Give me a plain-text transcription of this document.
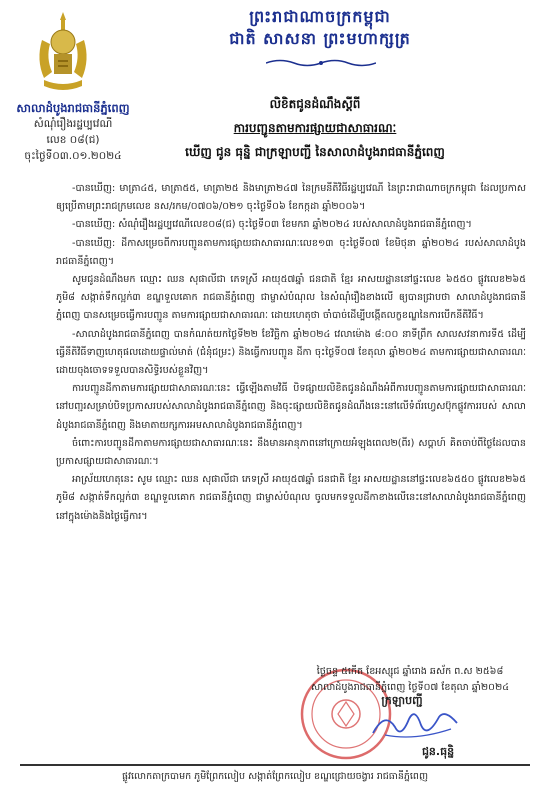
ព្រះរាជាណាចក្រកម្ពុជា
ជាតិ សាសនា ព្រះមហាក្សត្រ
សាលាដំបូងរាជធានីភ្នំពេញ
សំណុំរឿងរដ្ឋប្បវេណី
លេខ ០៨(ជ)
ចុះថ្ងៃទី០៣.០១.២០២៤
លិខិតជូនដំណឹងស្ដីពី
ការបញ្ជូនតាមការផ្សាយជាសាធារណៈ
ឃើញ ជូន ធុន្និ ជាក្រឡាបញ្ជី នៃសាលាដំបូងរាជធានីភ្នំពេញ

-បានឃើញ: មាត្រា៤៥, មាត្រា៥៥, មាត្រា២៥ និងមាត្រា២៤៧ នៃក្រមនីតិវិធីរដ្ឋប្បវេណី នៃព្រះរាជាណាចក្រកម្ពុជា ដែលប្រកាសឲ្យប្រើតាមព្រះរាជក្រមលេខ នស/រកម/០៧០៦/០២១ ចុះថ្ងៃទី០៦ ខែកក្កដា ឆ្នាំ២០០៦។

-បានឃើញ: សំណុំរឿងរដ្ឋប្បវេណីលេខ០៨(ជ) ចុះថ្ងៃទី០៣ ខែមករា ឆ្នាំ២០២៤ របស់សាលាដំបូងរាជធានីភ្នំពេញ។

-បានឃើញ: ដីកាសម្រេចពីការបញ្ជូនតាមការផ្សាយជាសាធារណៈលេខ១៣ ចុះថ្ងៃទី០៧ ខែមិថុនា ឆ្នាំ២០២៤ របស់សាលាដំបូងរាជធានីភ្នំពេញ។

សូមជូនដំណឹងមក ឈ្មោះ ឈន សុផាលីជា ភេទស្រី អាយុ៥៧ឆ្នាំ ជនជាតិ ខ្មែរ អាសយដ្ឋាននៅផ្ទះលេខ ៦៥៥០ ផ្លូវលេខ២៦៥ ភូមិ៨ សង្កាត់ទឹកល្អក់៣ ខណ្ឌទួលគោក រាជធានីភ្នំពេញ ជាម្ចាស់បំណុល នៃសំណុំរឿងខាងលើ ឲ្យបានជ្រាបថា សាលាដំបូងរាជធានីភ្នំពេញ បានសម្រេចធ្វើការបញ្ជូន តាមការផ្សាយជាសាធារណៈ ដោយហេតុថា ចាំបាច់ដើម្បីបង្កើតលក្ខខណ្ឌនៃការបើកនីតិវិធី។

-សាលាដំបូងរាជធានីភ្នំពេញ បានកំណត់យកថ្ងៃទី២២ ខែវិច្ឆិកា ឆ្នាំ២០២៤ វេលាម៉ោង ៨:០០ នាទីព្រឹក សាលសវនាការទី៥ ដើម្បីធ្វើនីតិវិធីទាញហេតុផលដោយផ្ទាល់មាត់ (ជំនុំជម្រះ) និងធ្វើការបញ្ជូន ដីកា ចុះថ្ងៃទី០៧ ខែតុលា ឆ្នាំ២០២៤ តាមការផ្សាយជាសាធារណៈ ដោយចុងចោទទទួលបានសិទ្ធិរបស់ខ្លួនវិញ។

ការបញ្ជូនដីកាតាមការផ្សាយជាសាធារណៈនេះ ធ្វើឡើងតាមវិធី បិទផ្សាយលិខិតជូនដំណឹងអំពីការបញ្ជូនតាមការផ្សាយជាសាធារណៈ នៅបញ្ជរសម្រាប់បិទប្រកាសរបស់សាលាដំបូងរាជធានីភ្នំពេញ និងចុះផ្សាយលិខិតជូនដំណឹងនេះនៅលើទំព័រហ្វេសប៊ុកផ្លូវការរបស់ សាលាដំបូងរាជធានីភ្នំពេញ និងមាតាយក្សការអមសាលាដំបូងរាជធានីភ្នំពេញ។

ចំពោះការបញ្ជូនដីកាតាមការផ្សាយជាសាធារណៈនេះ នឹងមានអានុភាពនៅក្រោយអំឡុងពេល២(ពីរ) សប្ដាហ៍ គិតចាប់ពីថ្ងៃដែលបានប្រកាសផ្សាយជាសាធារណៈ។

អាស្រ័យហេតុនេះ សូម ឈ្មោះ ឈន សុផាលីជា ភេទស្រី អាយុ៥៧ឆ្នាំ ជនជាតិ ខ្មែរ អាសយដ្ឋាននៅផ្ទះលេខ៦៥៥០ ផ្លូវលេខ២៦៥ ភូមិ៨ សង្កាត់ទឹកល្អក់៣ ខណ្ឌទួលគោក រាជធានីភ្នំពេញ ជាម្ចាស់បំណុល ចូលមកទទួលដីកាខាងលើនេះនៅសាលាដំបូងរាជធានីភ្នំពេញ នៅក្នុងម៉ោងនិងថ្ងៃធ្វើការ។

ថ្ងៃចន្ទ ៥កើត ខែអស្សុជ ឆ្នាំរោង ឆស័ក ព.ស ២៥៦៨
សាលាដំបូងរាជធានីភ្នំពេញ ថ្ងៃទី០៧ ខែតុលា ឆ្នាំ២០២៤
ក្រឡាបញ្ជី
ជូន.ធុន្និ
ផ្លូវលោកតាក្របាមក ភូមិព្រែកលៀប សង្កាត់ព្រែកលៀប ខណ្ឌជ្រោយចង្វារ រាជធានីភ្នំពេញ
